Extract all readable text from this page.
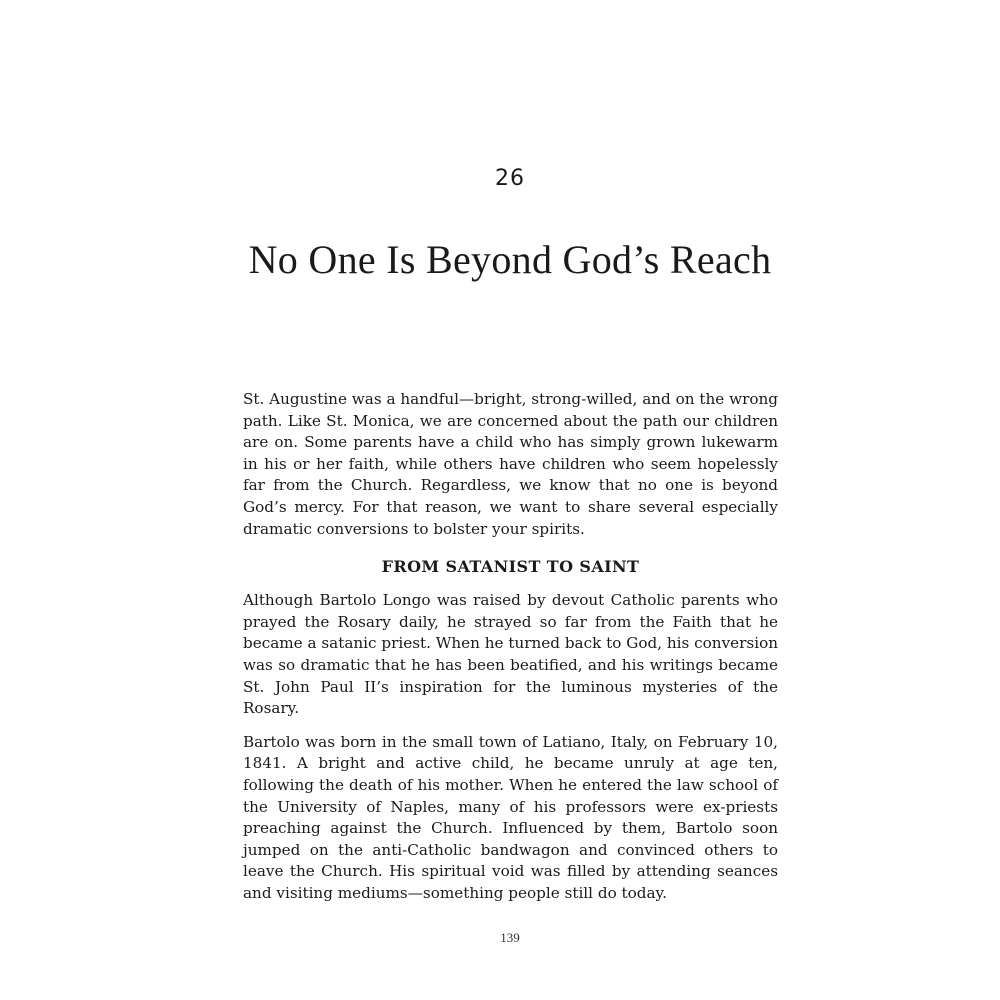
26
No One Is Beyond God’s Reach

St. Augustine was a handful—bright, strong-willed, and on the wrong path. Like St. Monica, we are concerned about the path our children are on. Some parents have a child who has simply grown lukewarm in his or her faith, while others have children who seem hopelessly far from the Church. Regardless, we know that no one is beyond God’s mercy. For that reason, we want to share several especially dramatic conversions to bolster your spirits.

FROM SATANIST TO SAINT

Although Bartolo Longo was raised by devout Catholic parents who prayed the Rosary daily, he strayed so far from the Faith that he became a satanic priest. When he turned back to God, his conversion was so dramatic that he has been beatified, and his writings became St. John Paul II’s inspiration for the luminous mysteries of the Rosary.

Bartolo was born in the small town of Latiano, Italy, on February 10, 1841. A bright and active child, he became unruly at age ten, following the death of his mother. When he entered the law school of the University of Naples, many of his professors were ex-priests preaching against the Church. Influenced by them, Bartolo soon jumped on the anti-Catholic bandwagon and convinced others to leave the Church. His spiritual void was filled by attending seances and visiting mediums—something people still do today.

139
